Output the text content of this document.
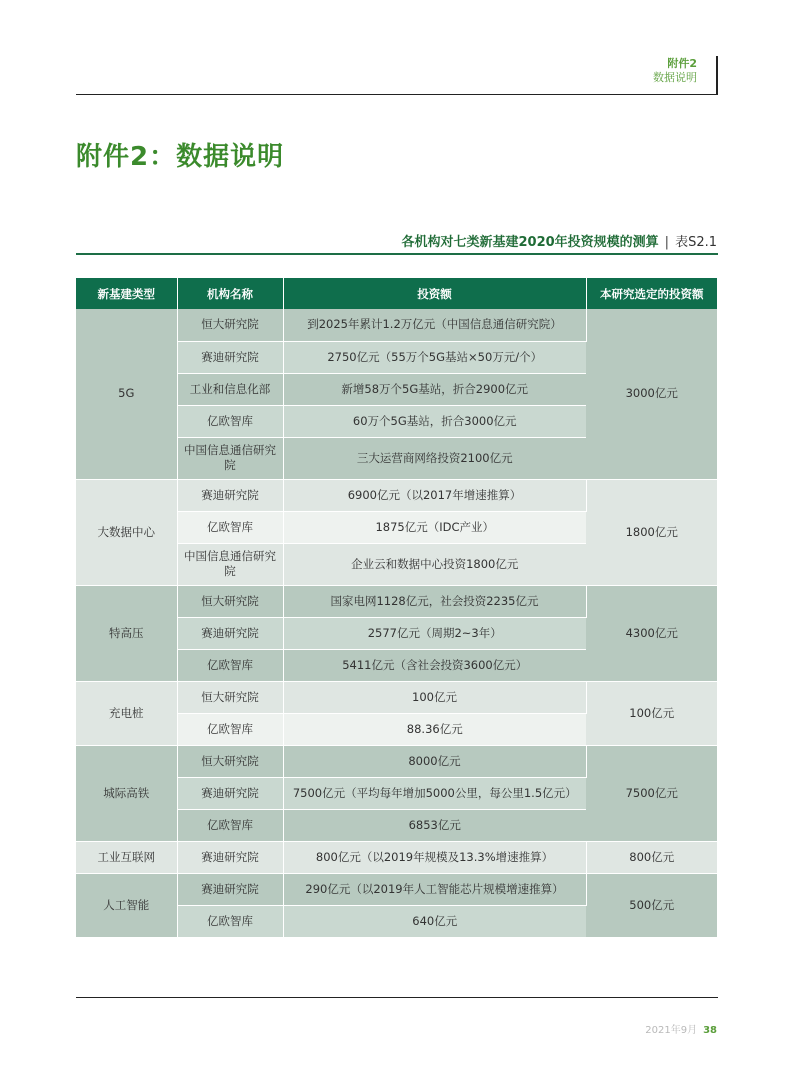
附件2
数据说明
附件2：数据说明
各机构对七类新基建2020年投资规模的测算 | 表S2.1
新基建类型	机构名称	投资额	本研究选定的投资额
5G	恒大研究院	到2025年累计1.2万亿元（中国信息通信研究院）	3000亿元
	赛迪研究院	2750亿元（55万个5G基站×50万元/个）	
	工业和信息化部	新增58万个5G基站，折合2900亿元	
	亿欧智库	60万个5G基站，折合3000亿元	
	中国信息通信研究院	三大运营商网络投资2100亿元	
大数据中心	赛迪研究院	6900亿元（以2017年增速推算）	1800亿元
	亿欧智库	1875亿元（IDC产业）	
	中国信息通信研究院	企业云和数据中心投资1800亿元	
特高压	恒大研究院	国家电网1128亿元，社会投资2235亿元	4300亿元
	赛迪研究院	2577亿元（周期2~3年）	
	亿欧智库	5411亿元（含社会投资3600亿元）	
充电桩	恒大研究院	100亿元	100亿元
	亿欧智库	88.36亿元	
城际高铁	恒大研究院	8000亿元	7500亿元
	赛迪研究院	7500亿元（平均每年增加5000公里，每公里1.5亿元）	
	亿欧智库	6853亿元	
工业互联网	赛迪研究院	800亿元（以2019年规模及13.3%增速推算）	800亿元
人工智能	赛迪研究院	290亿元（以2019年人工智能芯片规模增速推算）	500亿元
	亿欧智库	640亿元	
2021年9月 38
